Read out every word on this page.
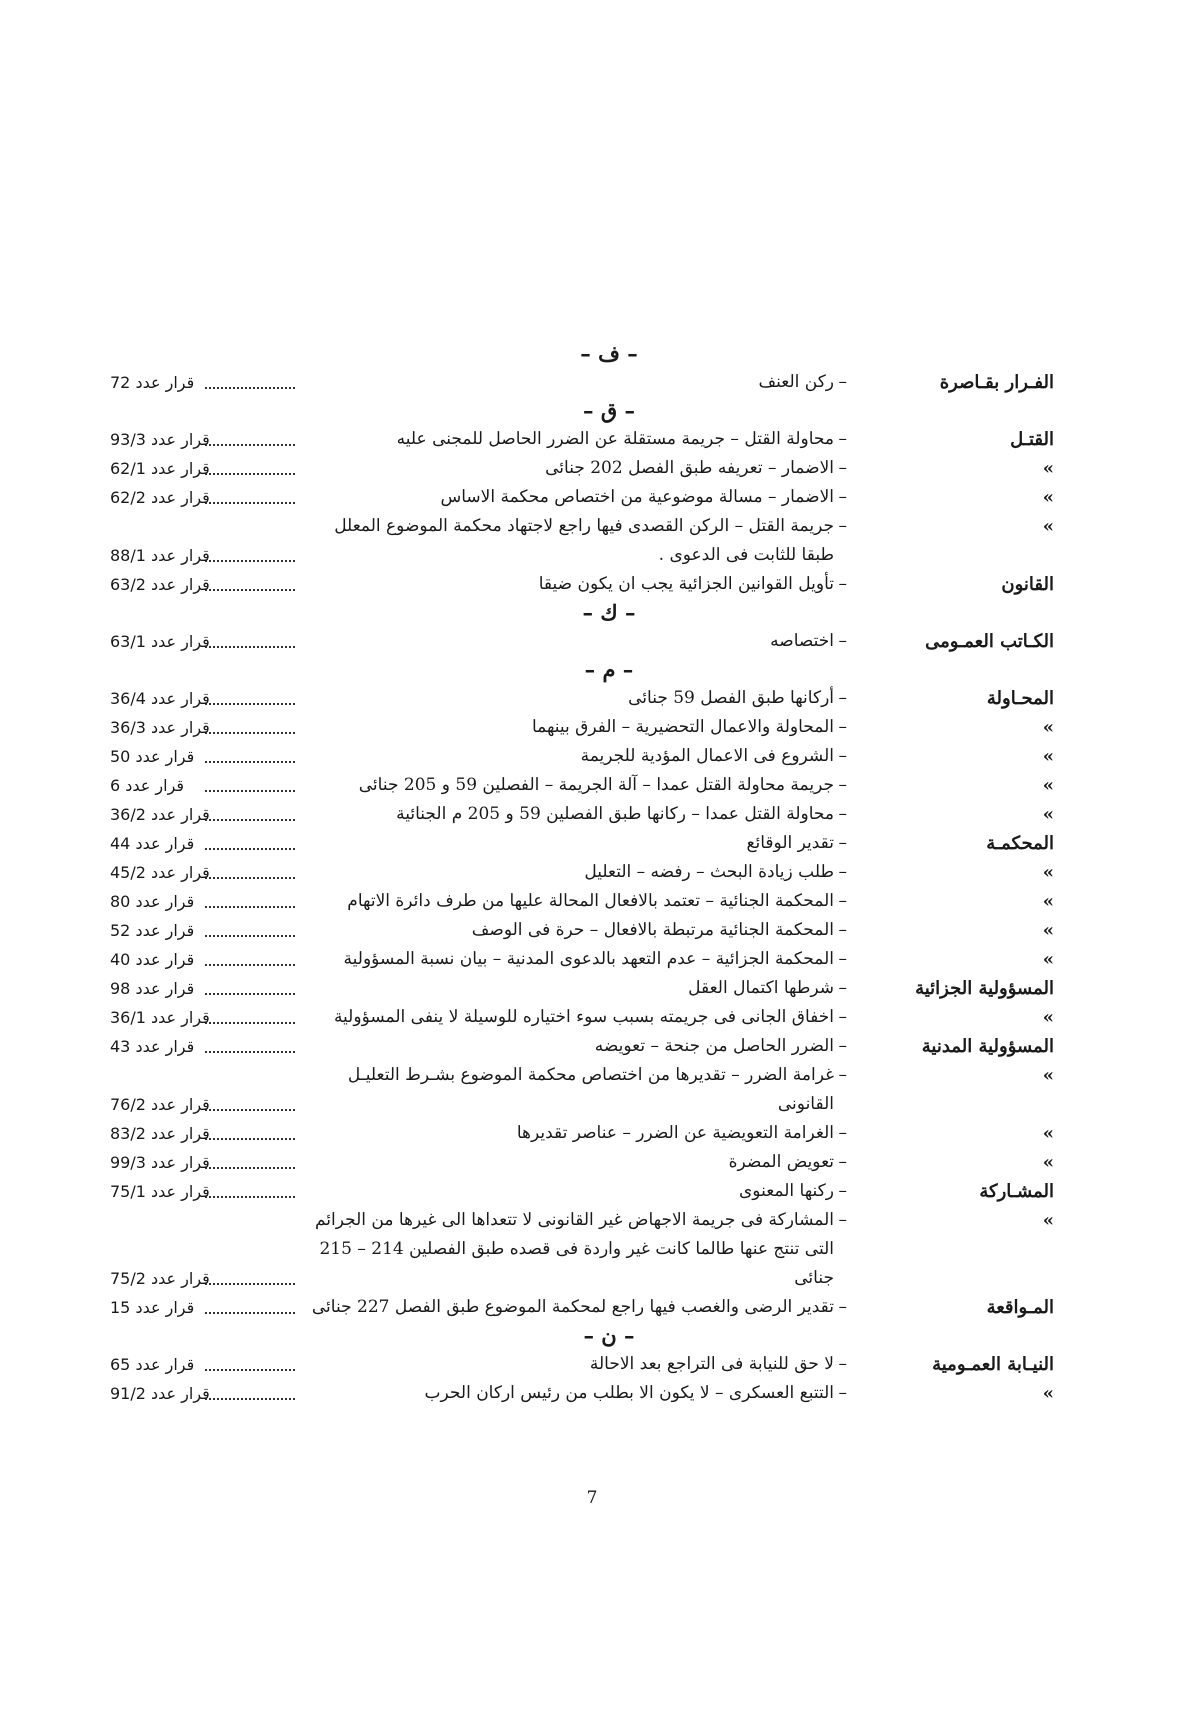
– ف –
الفـرار بقـاصرة
–
ركن العنف
قرار عدد 72
– ق –
القتـل
–
محاولة القتل – جريمة مستقلة عن الضرر الحاصل للمجنى عليه
قرار عدد 93/3
»
–
الاضمار – تعريفه طبق الفصل 202 جنائى
قرار عدد 62/1
»
–
الاضمار – مسالة موضوعية من اختصاص محكمة الاساس
قرار عدد 62/2
»
–
جريمة القتل – الركن القصدى فيها راجع لاجتهاد محكمة الموضوع المعلل
طبقا للثابت فى الدعوى .
قرار عدد 88/1
القانون
–
تأويل القوانين الجزائية يجب ان يكون ضيقا
قرار عدد 63/2
– ك –
الكـاتب العمـومى
–
اختصاصه
قرار عدد 63/1
– م –
المحـاولة
–
أركانها طبق الفصل 59 جنائى
قرار عدد 36/4
»
–
المحاولة والاعمال التحضيرية – الفرق بينهما
قرار عدد 36/3
»
–
الشروع فى الاعمال المؤدية للجريمة
قرار عدد 50
»
–
جريمة محاولة القتل عمدا – آلة الجريمة – الفصلين 59 و 205 جنائى
قرار عدد 6
»
–
محاولة القتل عمدا – ركانها طبق الفصلين 59 و 205 م الجنائية
قرار عدد 36/2
المحكمـة
–
تقدير الوقائع
قرار عدد 44
»
–
طلب زيادة البحث – رفضه – التعليل
قرار عدد 45/2
»
–
المحكمة الجنائية – تعتمد بالافعال المحالة عليها من طرف دائرة الاتهام
قرار عدد 80
»
–
المحكمة الجنائية مرتبطة بالافعال – حرة فى الوصف
قرار عدد 52
»
–
المحكمة الجزائية – عدم التعهد بالدعوى المدنية – بيان نسبة المسؤولية
قرار عدد 40
المسؤولية الجزائية
–
شرطها اكتمال العقل
قرار عدد 98
»
–
اخفاق الجانى فى جريمته بسبب سوء اختياره للوسيلة لا ينفى المسؤولية
قرار عدد 36/1
المسؤولية المدنية
–
الضرر الحاصل من جنحة – تعويضه
قرار عدد 43
»
–
غرامة الضرر – تقديرها من اختصاص محكمة الموضوع بشـرط التعليـل
القانونى
قرار عدد 76/2
»
–
الغرامة التعويضية عن الضرر – عناصر تقديرها
قرار عدد 83/2
»
–
تعويض المضرة
قرار عدد 99/3
المشـاركة
–
ركنها المعنوى
قرار عدد 75/1
»
–
المشاركة فى جريمة الاجهاض غير القانونى لا تتعداها الى غيرها من الجرائم
التى تنتج عنها طالما كانت غير واردة فى قصده طبق الفصلين 214 – 215
جنائى
قرار عدد 75/2
المـواقعة
–
تقدير الرضى والغصب فيها راجع لمحكمة الموضوع طبق الفصل 227 جنائى
قرار عدد 15
– ن –
النيـابة العمـومية
–
لا حق للنيابة فى التراجع بعد الاحالة
قرار عدد 65
»
–
التتبع العسكرى – لا يكون الا بطلب من رئيس اركان الحرب
قرار عدد 91/2
7
